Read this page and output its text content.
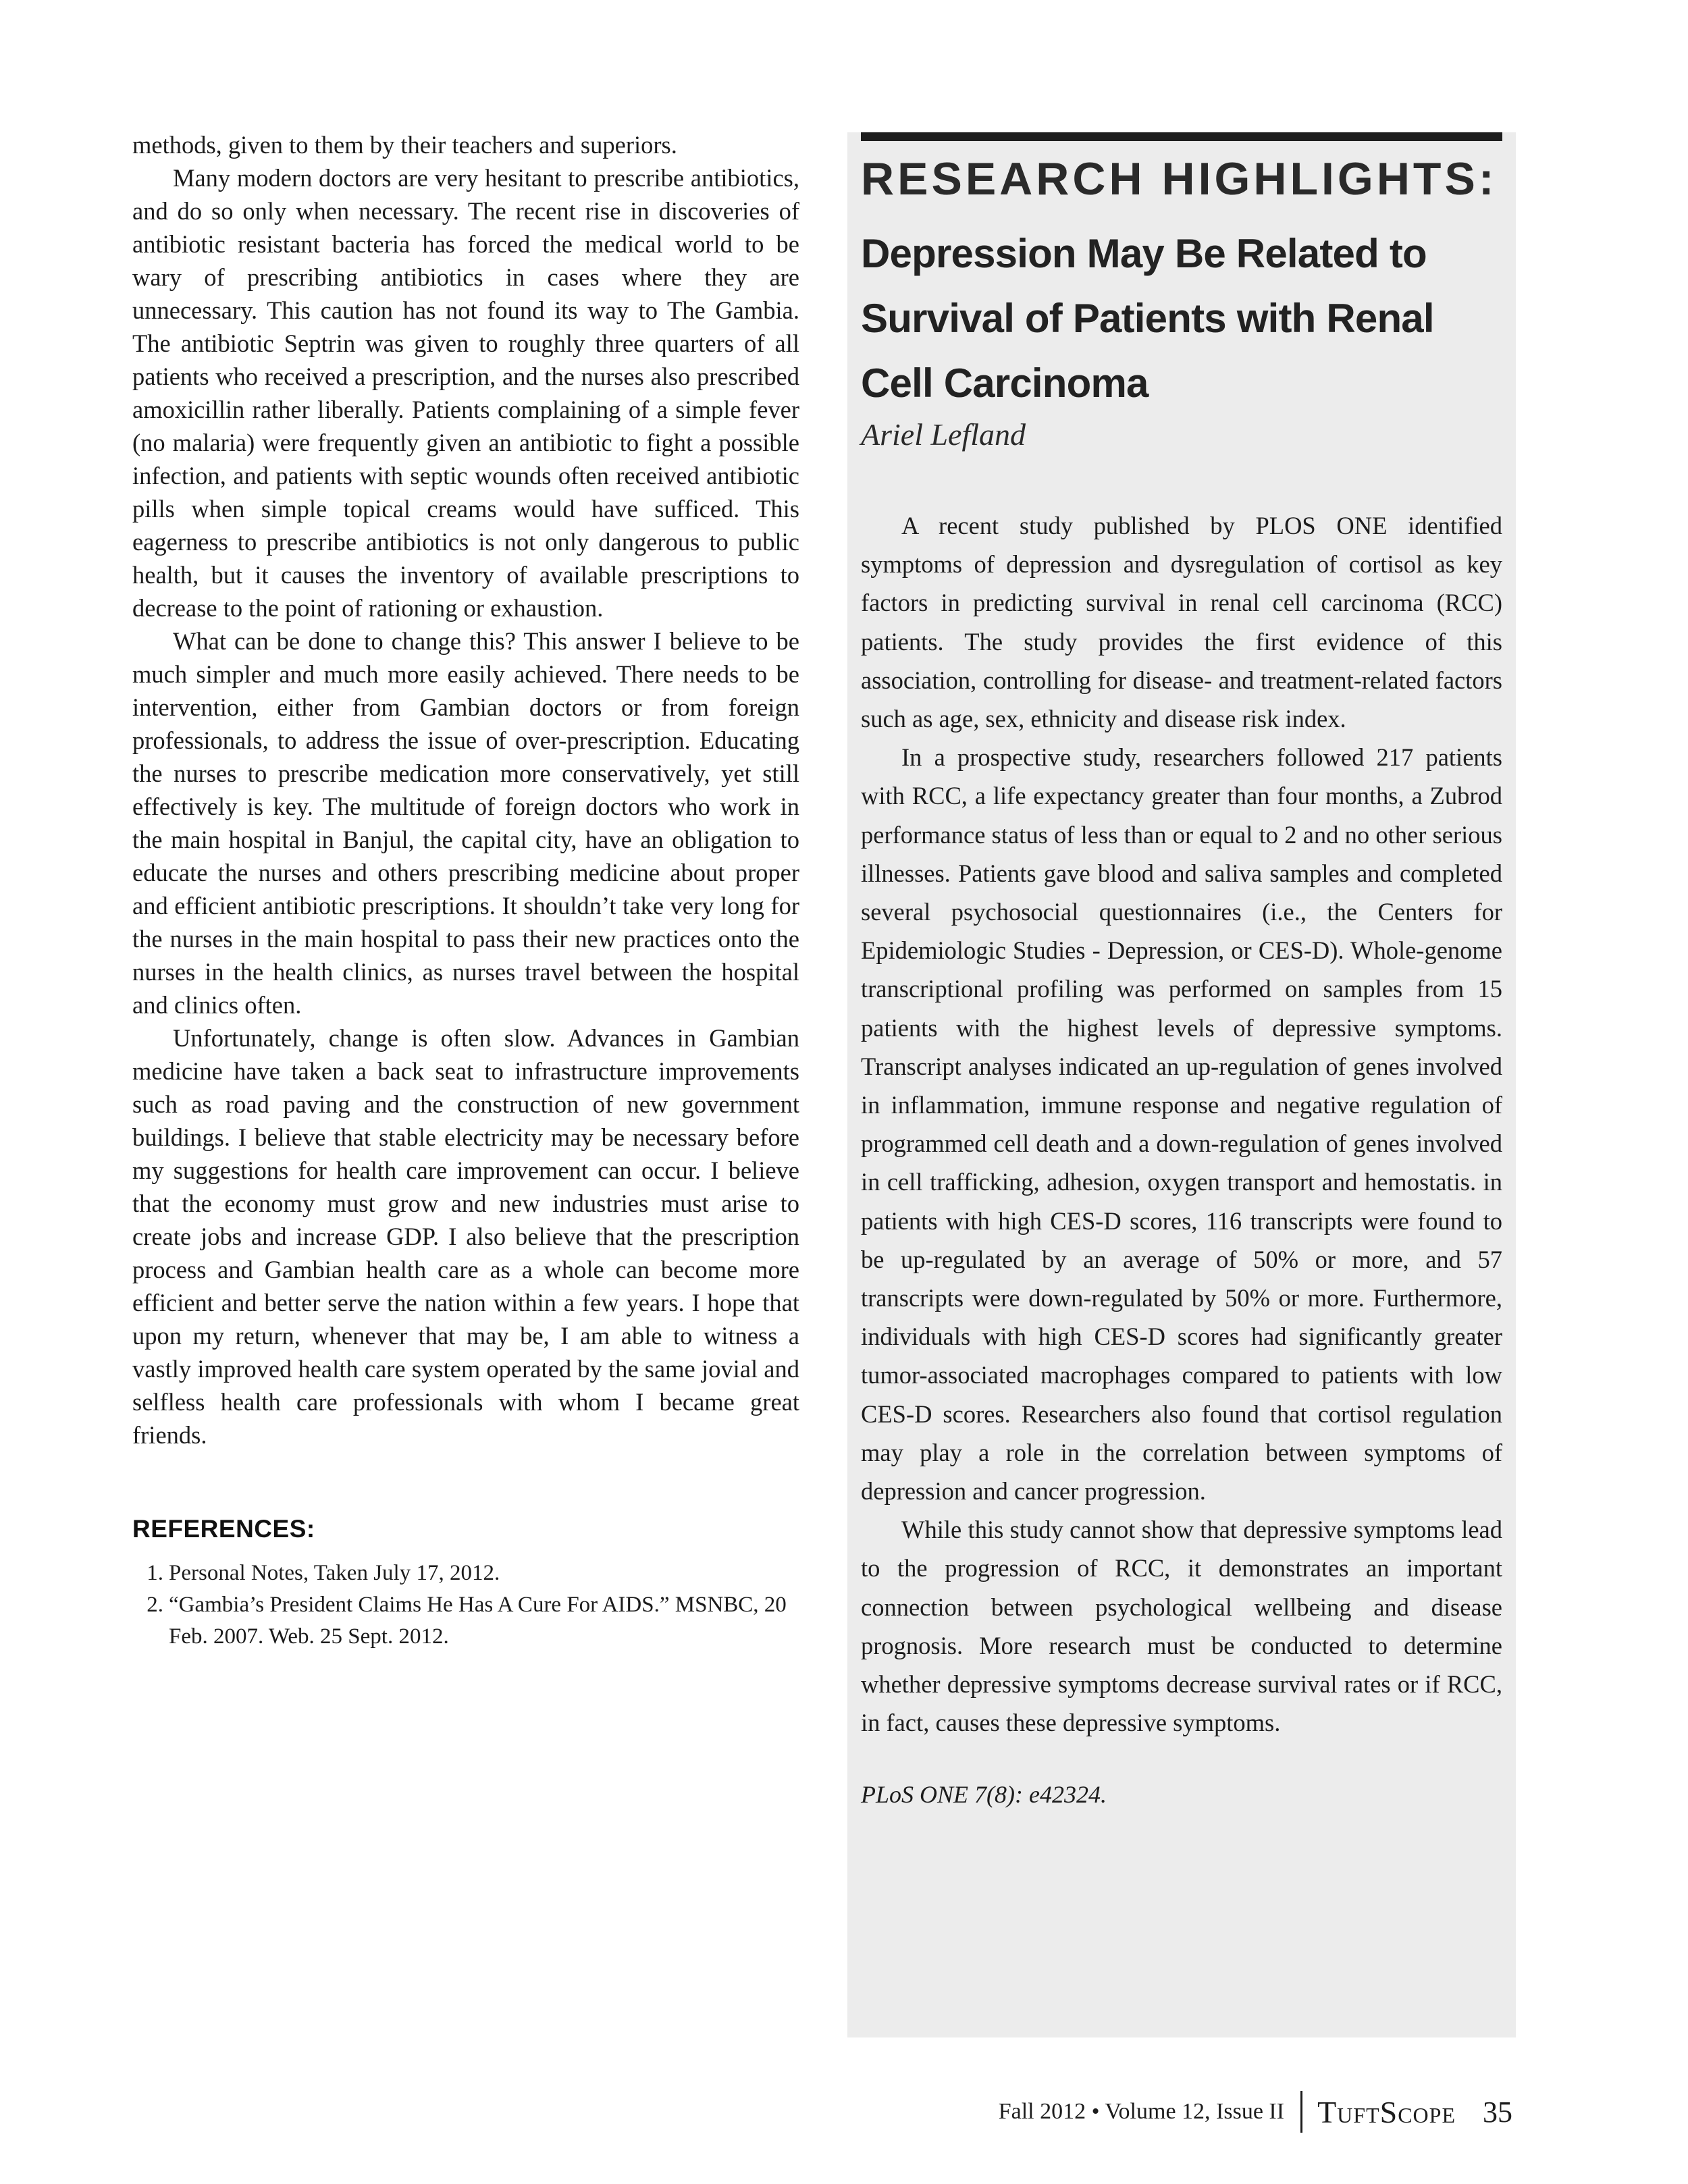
methods, given to them by their teachers and superiors.

Many modern doctors are very hesitant to prescribe antibiotics, and do so only when necessary. The recent rise in discoveries of antibiotic resistant bacteria has forced the medical world to be wary of prescribing antibiotics in cases where they are unnecessary. This caution has not found its way to The Gambia. The antibiotic Septrin was given to roughly three quarters of all patients who received a prescription, and the nurses also prescribed amoxicillin rather liberally. Patients complaining of a simple fever (no malaria) were frequently given an antibiotic to fight a possible infection, and patients with septic wounds often received antibiotic pills when simple topical creams would have sufficed. This eagerness to prescribe antibiotics is not only dangerous to public health, but it causes the inventory of available prescriptions to decrease to the point of rationing or exhaustion.

What can be done to change this? This answer I believe to be much simpler and much more easily achieved. There needs to be intervention, either from Gambian doctors or from foreign professionals, to address the issue of over-prescription. Educating the nurses to prescribe medication more conservatively, yet still effectively is key. The multitude of foreign doctors who work in the main hospital in Banjul, the capital city, have an obligation to educate the nurses and others prescribing medicine about proper and efficient antibiotic prescriptions. It shouldn’t take very long for the nurses in the main hospital to pass their new practices onto the nurses in the health clinics, as nurses travel between the hospital and clinics often.

Unfortunately, change is often slow. Advances in Gambian medicine have taken a back seat to infrastructure improvements such as road paving and the construction of new government buildings. I believe that stable electricity may be necessary before my suggestions for health care improvement can occur. I believe that the economy must grow and new industries must arise to create jobs and increase GDP. I also believe that the prescription process and Gambian health care as a whole can become more efficient and better serve the nation within a few years. I hope that upon my return, whenever that may be, I am able to witness a vastly improved health care system operated by the same jovial and selfless health care professionals with whom I became great friends.

REFERENCES:
1. Personal Notes, Taken July 17, 2012.
2. “Gambia’s President Claims He Has A Cure For AIDS.” MSNBC, 20 Feb. 2007. Web. 25 Sept. 2012.
RESEARCH HIGHLIGHTS:
Depression May Be Related to Survival of Patients with Renal Cell Carcinoma
Ariel Lefland

A recent study published by PLOS ONE identified symptoms of depression and dysregulation of cortisol as key factors in predicting survival in renal cell carcinoma (RCC) patients. The study provides the first evidence of this association, controlling for disease- and treatment-related factors such as age, sex, ethnicity and disease risk index.

In a prospective study, researchers followed 217 patients with RCC, a life expectancy greater than four months, a Zubrod performance status of less than or equal to 2 and no other serious illnesses. Patients gave blood and saliva samples and completed several psychosocial questionnaires (i.e., the Centers for Epidemiologic Studies - Depression, or CES-D). Whole-genome transcriptional profiling was performed on samples from 15 patients with the highest levels of depressive symptoms. Transcript analyses indicated an up-regulation of genes involved in inflammation, immune response and negative regulation of programmed cell death and a down-regulation of genes involved in cell trafficking, adhesion, oxygen transport and hemostatis. in patients with high CES-D scores, 116 transcripts were found to be up-regulated by an average of 50% or more, and 57 transcripts were down-regulated by 50% or more. Furthermore, individuals with high CES-D scores had significantly greater tumor-associated macrophages compared to patients with low CES-D scores. Researchers also found that cortisol regulation may play a role in the correlation between symptoms of depression and cancer progression.

While this study cannot show that depressive symptoms lead to the progression of RCC, it demonstrates an important connection between psychological wellbeing and disease prognosis. More research must be conducted to determine whether depressive symptoms decrease survival rates or if RCC, in fact, causes these depressive symptoms.

PLoS ONE 7(8): e42324.
Fall 2012 • Volume 12, Issue II TuftScope 35
